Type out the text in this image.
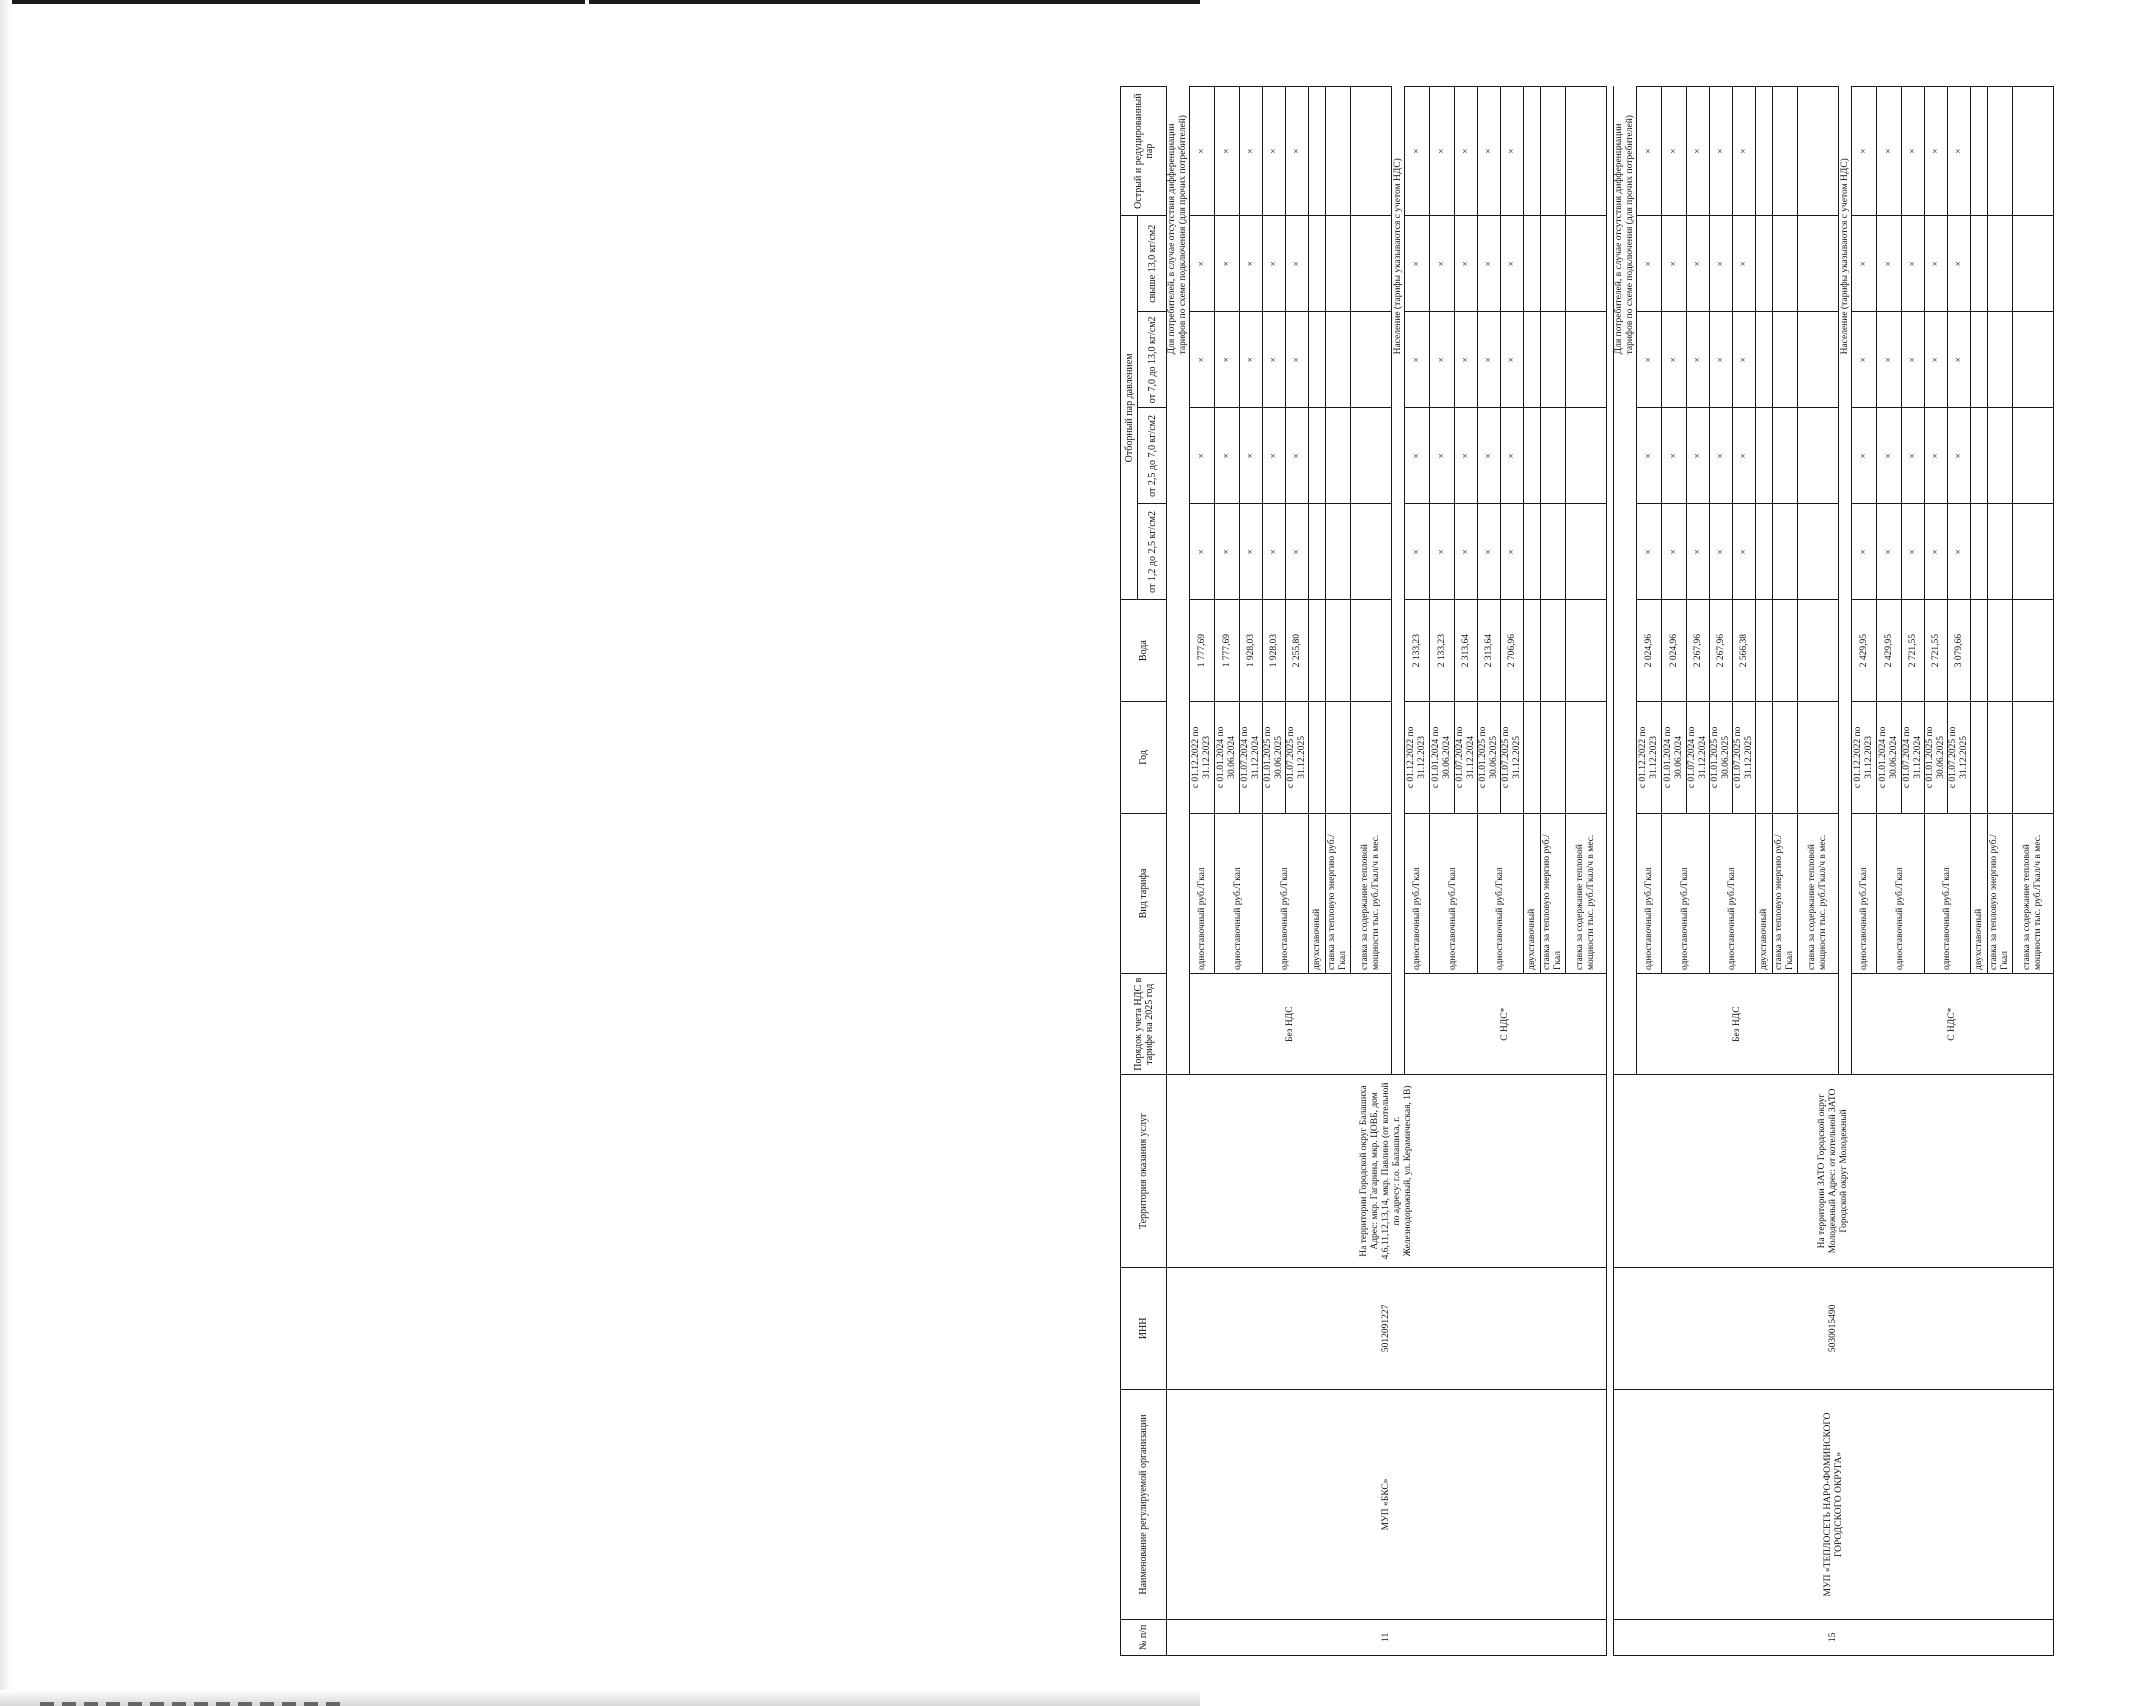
№ п/п	Наименование регулируемой организации	ИНН	Территория оказания услуг	Порядок учета НДС в тарифе на 2025 год	Вид тарифа	Год	Вода	Отборный пар давлением				Острый и редуцированный пар
								от 1,2 до 2,5 кг/см2	от 2,5 до 7,0 кг/см2	от 7,0 до 13,0 кг/см2	свыше 13,0 кг/см2	
11	МУП «БКС»	5012091227	На территории Городской округ Балашиха Адрес: мкр. Гагарина, мкр. ЦОВБ, дом 4,6,11,12,13,14, мкр. Павлино (от котельной по адресу: г.о. Балашиха, г. Железнодорожный, ул. Керамическая, 1В)	Для потребителей, в случае отсутствия дифференциации тарифов по схеме подключения (для прочих потребителей)								
				Без НДС	одноставочный руб./Гкал	с 01.12.2022 по 31.12.2023	1 777,69	×	×	×	×	×
					одноставочный руб./Гкал	с 01.01.2024 по 30.06.2024	1 777,69	×	×	×	×	×
						с 01.07.2024 по 31.12.2024	1 928,03	×	×	×	×	×
					одноставочный руб./Гкал	с 01.01.2025 по 30.06.2025	1 928,03	×	×	×	×	×
						с 01.07.2025 по 31.12.2025	2 255,80	×	×	×	×	×
					двухставочный							
					ставка за тепловую энергию руб./Гкал							
					ставка за содержание тепловой мощности тыс. руб./Гкал/ч в мес.							
				Население (тарифы указываются с учетом НДС)								
				С НДС*	одноставочный руб./Гкал	с 01.12.2022 по 31.12.2023	2 133,23	×	×	×	×	×
					одноставочный руб./Гкал	с 01.01.2024 по 30.06.2024	2 133,23	×	×	×	×	×
						с 01.07.2024 по 31.12.2024	2 313,64	×	×	×	×	×
					одноставочный руб./Гкал	с 01.01.2025 по 30.06.2025	2 313,64	×	×	×	×	×
						с 01.07.2025 по 31.12.2025	2 706,96	×	×	×	×	×
					двухставочный							
					ставка за тепловую энергию руб./Гкал							
					ставка за содержание тепловой мощности тыс. руб./Гкал/ч в мес.							

15	МУП «ТЕПЛОСЕТЬ НАРО-ФОМИНСКОГО ГОРОДСКОГО ОКРУГА»	5030015490	На территории ЗАТО Городской округ Молодежный Адрес: от котельной ЗАТО Городской округ Молодежный	Для потребителей, в случае отсутствия дифференциации тарифов по схеме подключения (для прочих потребителей)								
				Без НДС	одноставочный руб./Гкал	с 01.12.2022 по 31.12.2023	2 024,96	×	×	×	×	×
					одноставочный руб./Гкал	с 01.01.2024 по 30.06.2024	2 024,96	×	×	×	×	×
						с 01.07.2024 по 31.12.2024	2 267,96	×	×	×	×	×
					одноставочный руб./Гкал	с 01.01.2025 по 30.06.2025	2 267,96	×	×	×	×	×
						с 01.07.2025 по 31.12.2025	2 566,38	×	×	×	×	×
					двухставочный							
					ставка за тепловую энергию руб./Гкал							
					ставка за содержание тепловой мощности тыс. руб./Гкал/ч в мес.							
				Население (тарифы указываются с учетом НДС)								
				С НДС*	одноставочный руб./Гкал	с 01.12.2022 по 31.12.2023	2 429,95	×	×	×	×	×
					одноставочный руб./Гкал	с 01.01.2024 по 30.06.2024	2 429,95	×	×	×	×	×
						с 01.07.2024 по 31.12.2024	2 721,55	×	×	×	×	×
					одноставочный руб./Гкал	с 01.01.2025 по 30.06.2025	2 721,55	×	×	×	×	×
						с 01.07.2025 по 31.12.2025	3 079,66	×	×	×	×	×
					двухставочный							
					ставка за тепловую энергию руб./Гкал							
					ставка за содержание тепловой мощности тыс. руб./Гкал/ч в мес.							
